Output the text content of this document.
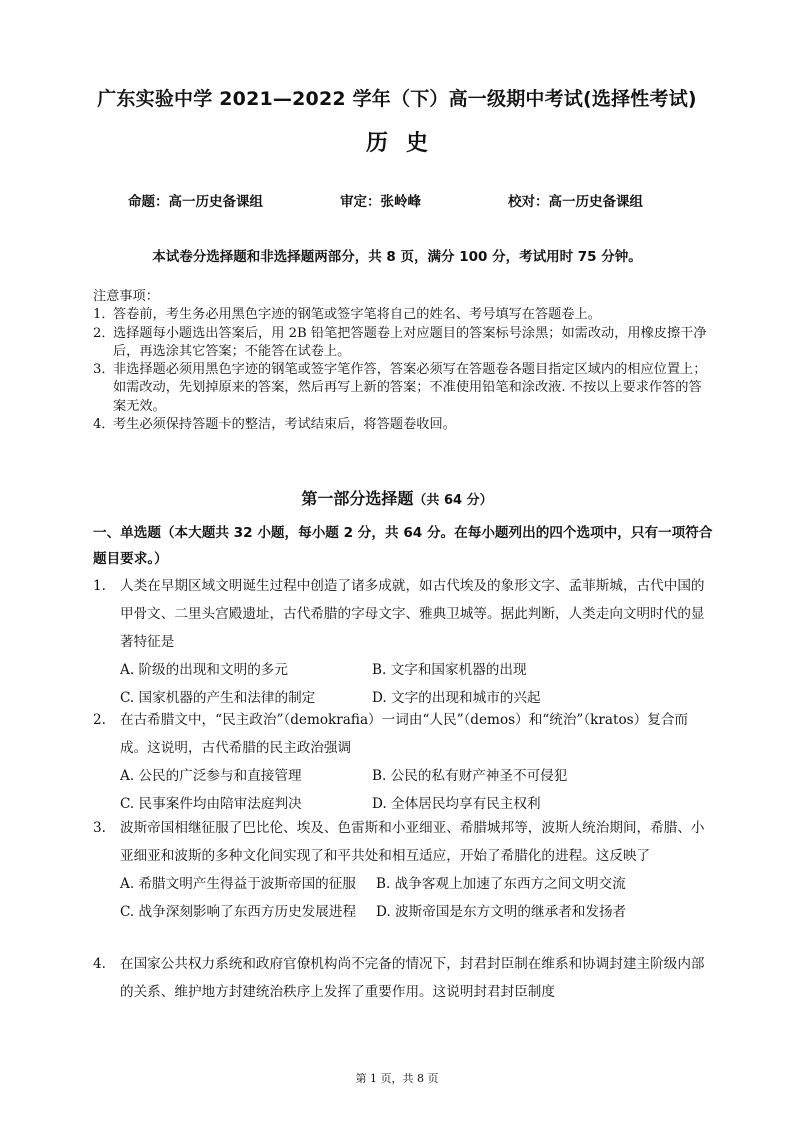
广东实验中学 2021—2022 学年（下）高一级期中考试(选择性考试)
历史
命题：高一历史备课组	审定：张岭峰	校对：高一历史备课组
本试卷分选择题和非选择题两部分，共 8 页，满分 100 分，考试用时 75 分钟。
注意事项：
1．
答卷前，考生务必用黑色字迹的钢笔或签字笔将自己的姓名、考号填写在答题卷上。
2．
选择题每小题选出答案后，用 2B 铅笔把答题卷上对应题目的答案标号涂黑；如需改动，用橡皮擦干净后，再选涂其它答案；不能答在试卷上。
3．
非选择题必须用黑色字迹的钢笔或签字笔作答，答案必须写在答题卷各题目指定区域内的相应位置上；如需改动，先划掉原来的答案，然后再写上新的答案；不准使用铅笔和涂改液. 不按以上要求作答的答案无效。
4．
考生必须保持答题卡的整洁，考试结束后，将答题卷收回。
第一部分选择题（共 64 分）
一、单选题（本大题共 32 小题，每小题 2 分，共 64 分。在每小题列出的四个选项中，只有一项符合题目要求。）
1.	人类在早期区域文明诞生过程中创造了诸多成就，如古代埃及的象形文字、孟菲斯城，古代中国的甲骨文、二里头宫殿遗址，古代希腊的字母文字、雅典卫城等。据此判断，人类走向文明时代的显著特征是
A. 阶级的出现和文明的多元	B. 文字和国家机器的出现
C. 国家机器的产生和法律的制定	D. 文字的出现和城市的兴起
2.	在古希腊文中，“民主政治”（demokrafia）一词由“人民”（demos）和“统治”（kratos）复合而成。这说明，古代希腊的民主政治强调
A. 公民的广泛参与和直接管理	B. 公民的私有财产神圣不可侵犯
C. 民事案件均由陪审法庭判决	D. 全体居民均享有民主权利
3.	波斯帝国相继征服了巴比伦、埃及、色雷斯和小亚细亚、希腊城邦等，波斯人统治期间，希腊、小亚细亚和波斯的多种文化间实现了和平共处和相互适应，开始了希腊化的进程。这反映了
A. 希腊文明产生得益于波斯帝国的征服	B. 战争客观上加速了东西方之间文明交流
C. 战争深刻影响了东西方历史发展进程	D. 波斯帝国是东方文明的继承者和发扬者
4.	在国家公共权力系统和政府官僚机构尚不完备的情况下，封君封臣制在维系和协调封建主阶级内部的关系、维护地方封建统治秩序上发挥了重要作用。这说明封君封臣制度
第 1 页，共 8 页
